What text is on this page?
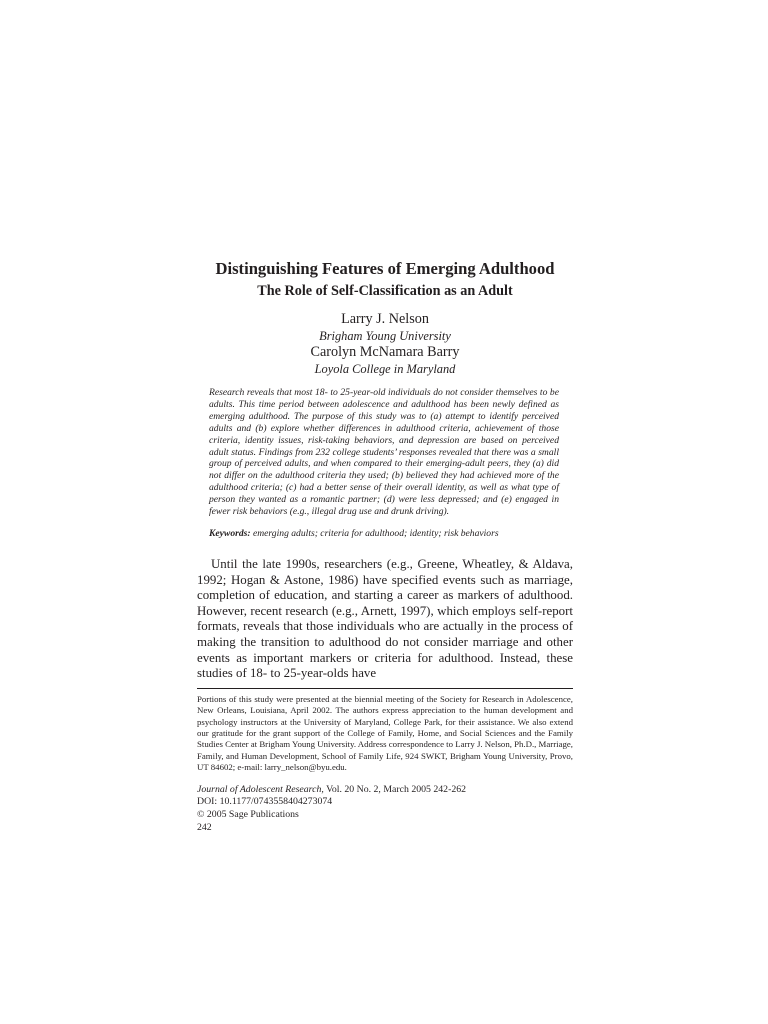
Distinguishing Features of Emerging Adulthood
The Role of Self-Classification as an Adult
Larry J. Nelson
Brigham Young University
Carolyn McNamara Barry
Loyola College in Maryland

Research reveals that most 18- to 25-year-old individuals do not consider themselves to be adults. This time period between adolescence and adulthood has been newly defined as emerging adulthood. The purpose of this study was to (a) attempt to identify perceived adults and (b) explore whether differences in adulthood criteria, achievement of those criteria, identity issues, risk-taking behaviors, and depression are based on perceived adult status. Findings from 232 college students’ responses revealed that there was a small group of perceived adults, and when compared to their emerging-adult peers, they (a) did not differ on the adulthood criteria they used; (b) believed they had achieved more of the adulthood criteria; (c) had a better sense of their overall identity, as well as what type of person they wanted as a romantic partner; (d) were less depressed; and (e) engaged in fewer risk behaviors (e.g., illegal drug use and drunk driving).

Keywords: emerging adults; criteria for adulthood; identity; risk behaviors

Until the late 1990s, researchers (e.g., Greene, Wheatley, & Aldava, 1992; Hogan & Astone, 1986) have specified events such as marriage, completion of education, and starting a career as markers of adulthood. However, recent research (e.g., Arnett, 1997), which employs self-report formats, reveals that those individuals who are actually in the process of making the transition to adulthood do not consider marriage and other events as important markers or criteria for adulthood. Instead, these studies of 18- to 25-year-olds have

Portions of this study were presented at the biennial meeting of the Society for Research in Adolescence, New Orleans, Louisiana, April 2002. The authors express appreciation to the human development and psychology instructors at the University of Maryland, College Park, for their assistance. We also extend our gratitude for the grant support of the College of Family, Home, and Social Sciences and the Family Studies Center at Brigham Young University. Address correspondence to Larry J. Nelson, Ph.D., Marriage, Family, and Human Development, School of Family Life, 924 SWKT, Brigham Young University, Provo, UT 84602; e-mail: larry_nelson@byu.edu.

Journal of Adolescent Research, Vol. 20 No. 2, March 2005 242-262
DOI: 10.1177/0743558404273074
© 2005 Sage Publications
242
